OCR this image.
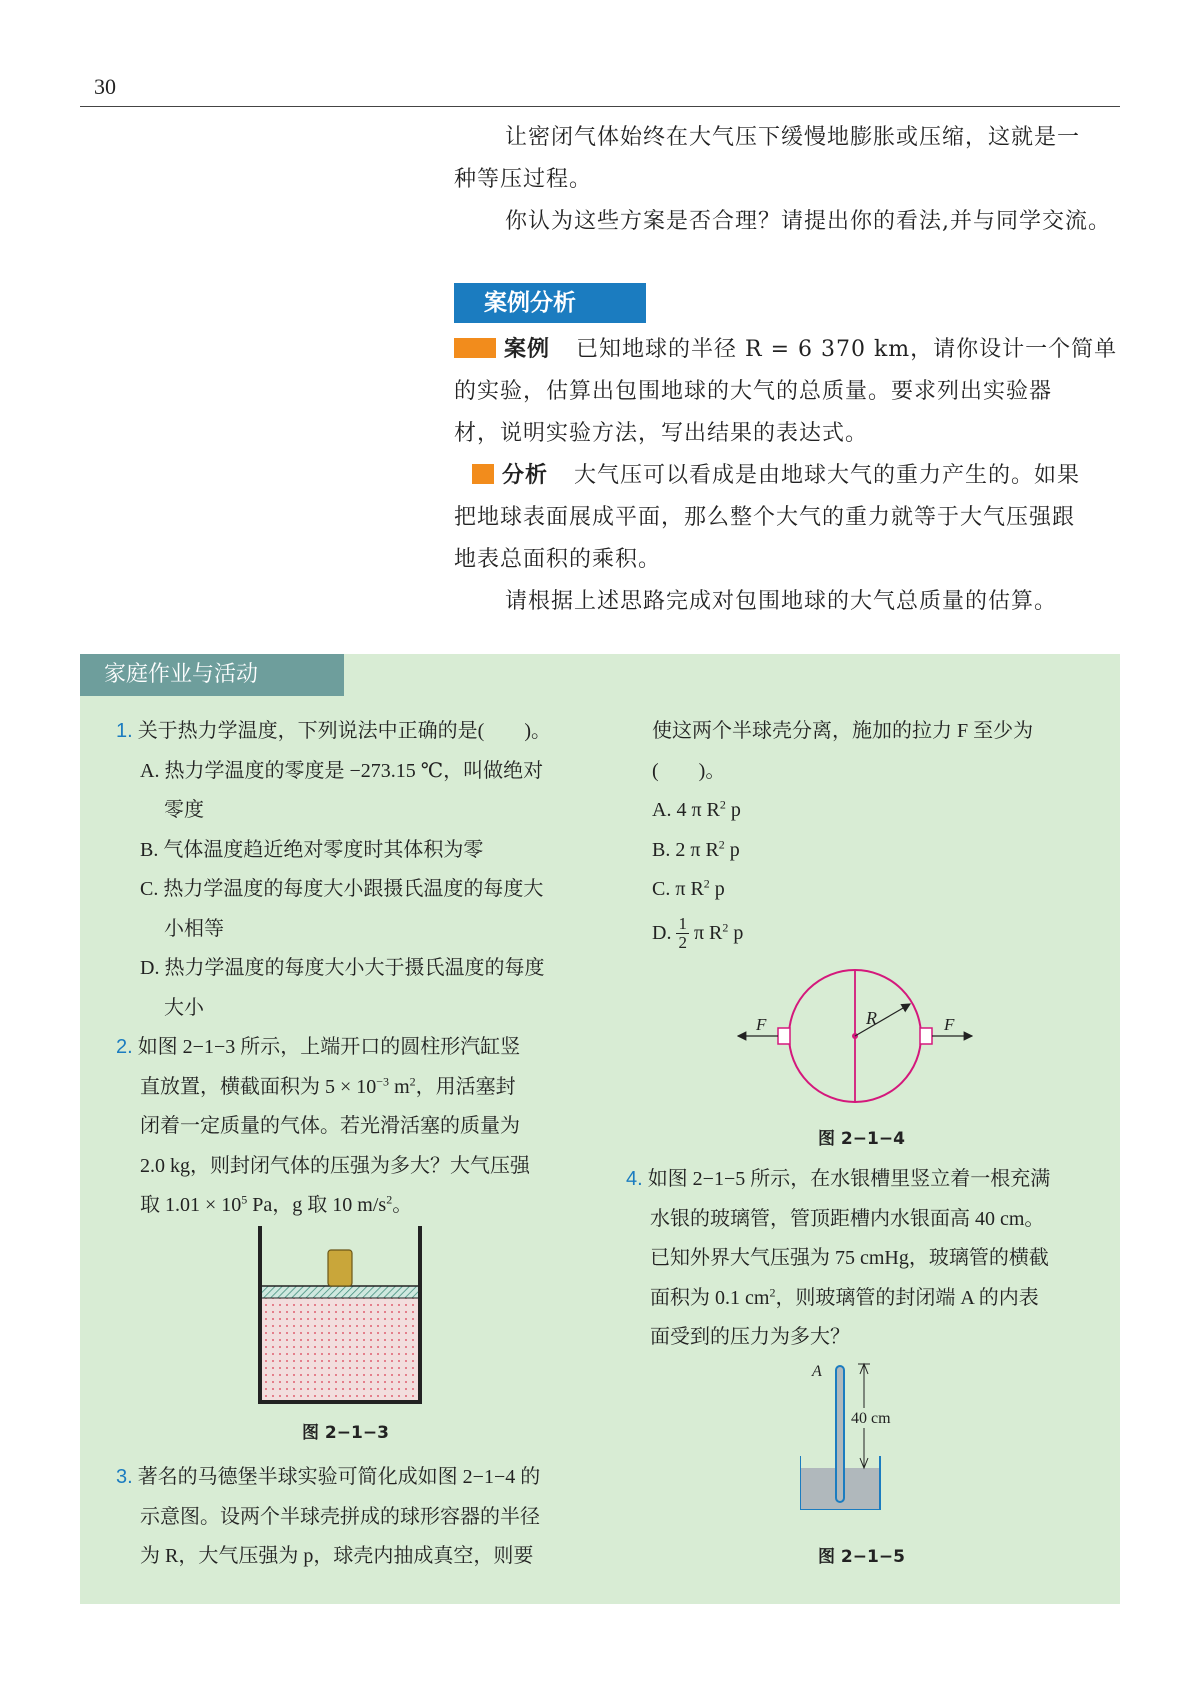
30
让密闭气体始终在大气压下缓慢地膨胀或压缩，这就是一
种等压过程。
你认为这些方案是否合理？请提出你的看法,并与同学交流。
案例分析
案例 已知地球的半径 R = 6 370 km，请你设计一个简单
的实验，估算出包围地球的大气的总质量。要求列出实验器
材，说明实验方法，写出结果的表达式。
分析 大气压可以看成是由地球大气的重力产生的。如果
把地球表面展成平面，那么整个大气的重力就等于大气压强跟
地表总面积的乘积。
请根据上述思路完成对包围地球的大气总质量的估算。
家庭作业与活动
1. 关于热力学温度，下列说法中正确的是(　　)。
A. 热力学温度的零度是 −273.15 ℃，叫做绝对
零度
B. 气体温度趋近绝对零度时其体积为零
C. 热力学温度的每度大小跟摄氏温度的每度大
小相等
D. 热力学温度的每度大小大于摄氏温度的每度
大小
2. 如图 2−1−3 所示，上端开口的圆柱形汽缸竖
直放置，横截面积为 $5 \times 10^{-3}$ $m^2$，用活塞封
闭着一定质量的气体。若光滑活塞的质量为
2.0 kg，则封闭气体的压强为多大？大气压强
取 $1.01 \times 10^5$ Pa，g 取 10 $m/s^2$。
图 2−1−3
3. 著名的马德堡半球实验可简化成如图 2−1−4 的
示意图。设两个半球壳拼成的球形容器的半径
为 R，大气压强为 p，球壳内抽成真空，则要
使这两个半球壳分离，施加的拉力 F 至少为
(　　)。
A. 4 π $R^2$ p
B. 2 π $R^2$ p
C. π $R^2$ p
D. $\frac{1}{2}$ π $R^2$ p
R
F	F
图 2−1−4
4. 如图 2−1−5 所示，在水银槽里竖立着一根充满
水银的玻璃管，管顶距槽内水银面高 40 cm。
已知外界大气压强为 75 cmHg，玻璃管的横截
面积为 0.1 $cm^2$，则玻璃管的封闭端 A 的内表
面受到的压力为多大？
A
40 cm
图 2−1−5
